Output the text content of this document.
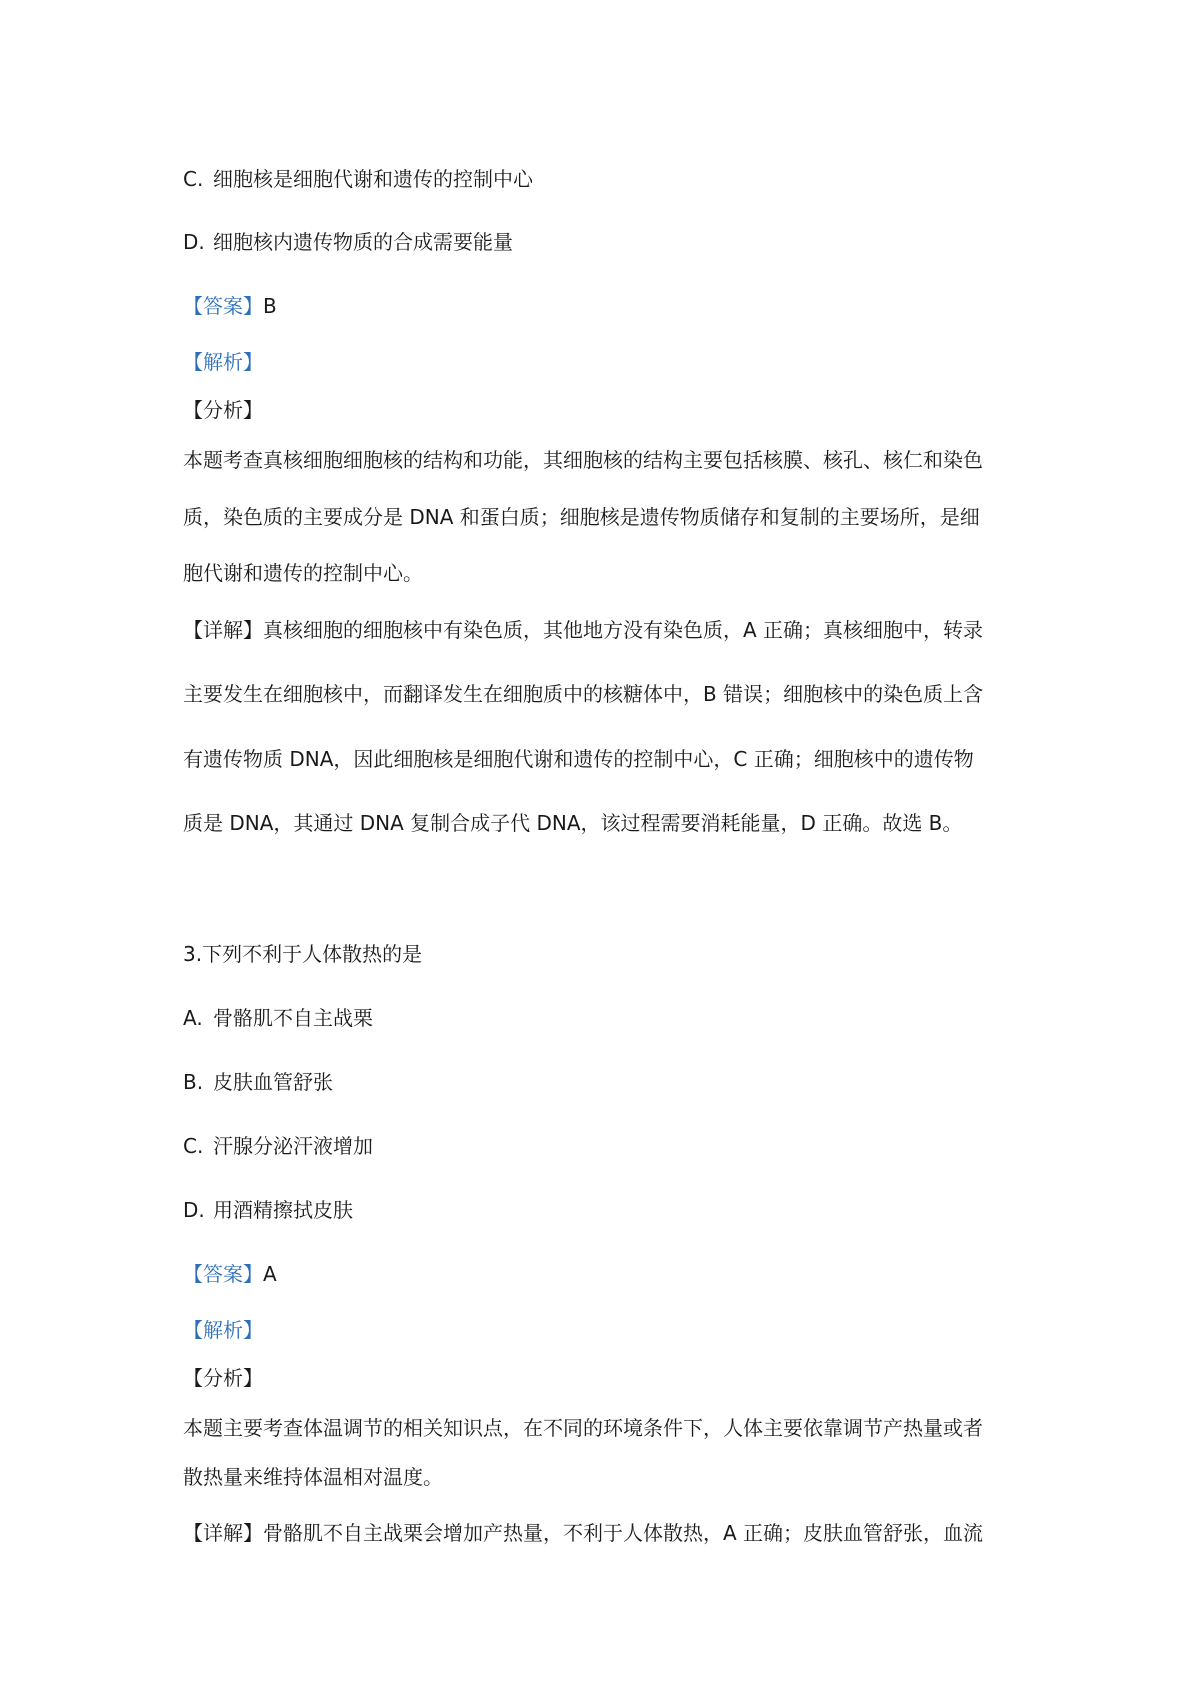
C. 细胞核是细胞代谢和遗传的控制中心

D. 细胞核内遗传物质的合成需要能量

【答案】B

【解析】

【分析】

本题考查真核细胞细胞核的结构和功能，其细胞核的结构主要包括核膜、核孔、核仁和染色

质，染色质的主要成分是 DNA 和蛋白质；细胞核是遗传物质储存和复制的主要场所，是细

胞代谢和遗传的控制中心。

【详解】真核细胞的细胞核中有染色质，其他地方没有染色质，A 正确；真核细胞中，转录

主要发生在细胞核中，而翻译发生在细胞质中的核糖体中，B 错误；细胞核中的染色质上含

有遗传物质 DNA，因此细胞核是细胞代谢和遗传的控制中心，C 正确；细胞核中的遗传物

质是 DNA，其通过 DNA 复制合成子代 DNA，该过程需要消耗能量，D 正确。故选 B。

3.下列不利于人体散热的是

A. 骨骼肌不自主战栗

B. 皮肤血管舒张

C. 汗腺分泌汗液增加

D. 用酒精擦拭皮肤

【答案】A

【解析】

【分析】

本题主要考查体温调节的相关知识点，在不同的环境条件下，人体主要依靠调节产热量或者

散热量来维持体温相对温度。

【详解】骨骼肌不自主战栗会增加产热量，不利于人体散热，A 正确；皮肤血管舒张，血流
